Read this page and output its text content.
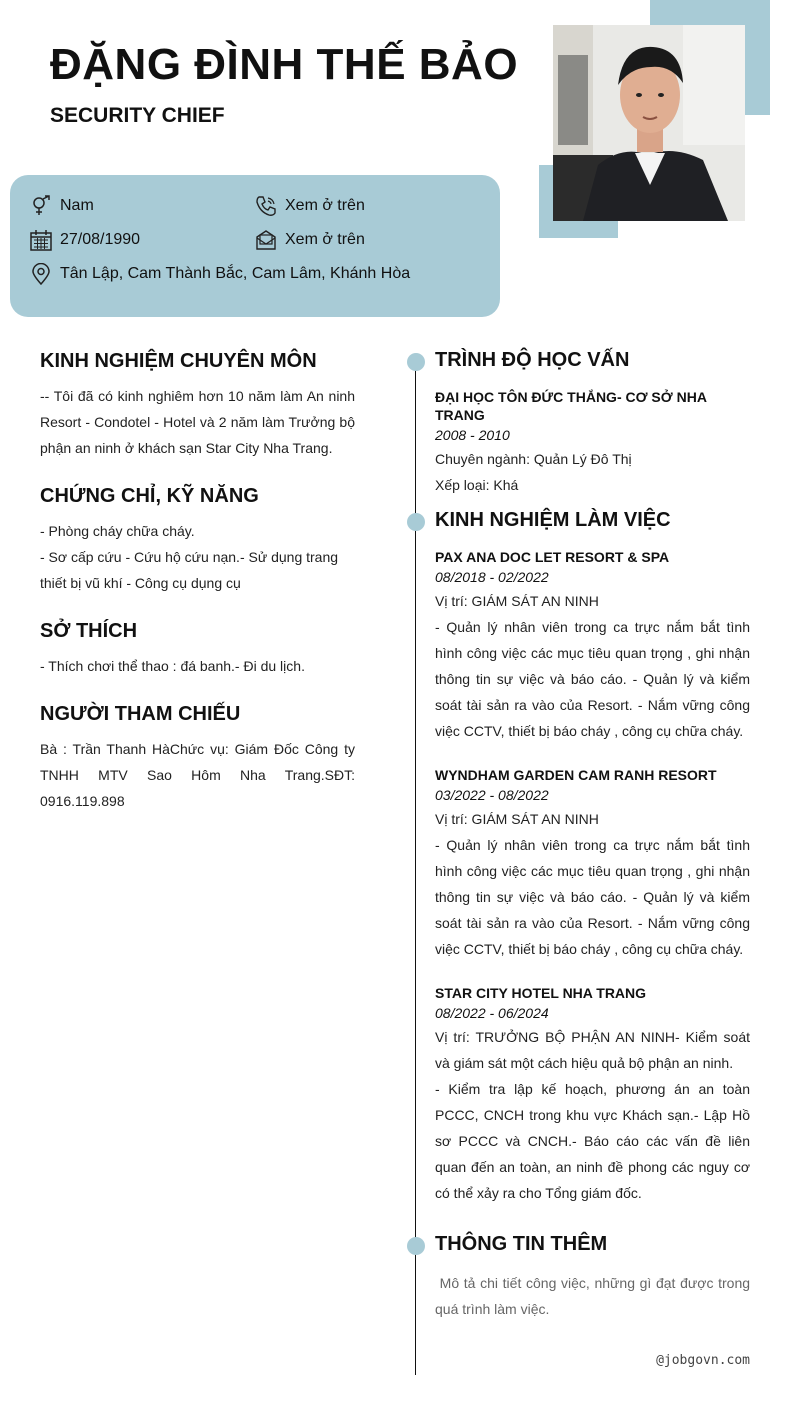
ĐẶNG ĐÌNH THẾ BẢO
SECURITY CHIEF
Nam	Xem ở trên
27/08/1990	Xem ở trên
Tân Lập, Cam Thành Bắc, Cam Lâm, Khánh Hòa
KINH NGHIỆM CHUYÊN MÔN
-- Tôi đã có kinh nghiêm hơn 10 năm làm An ninh Resort - Condotel - Hotel và 2 năm làm Trưởng bộ phận an ninh ở khách sạn Star City Nha Trang.
CHỨNG CHỈ, KỸ NĂNG
- Phòng cháy chữa cháy.
- Sơ cấp cứu - Cứu hộ cứu nạn.- Sử dụng trang thiết bị vũ khí - Công cụ dụng cụ
SỞ THÍCH
- Thích chơi thể thao : đá banh.- Đi du lịch.
NGƯỜI THAM CHIẾU
Bà : Trần Thanh HàChức vụ: Giám Đốc Công ty TNHH MTV Sao Hôm Nha Trang.SĐT: 0916.119.898
TRÌNH ĐỘ HỌC VẤN
ĐẠI HỌC TÔN ĐỨC THẮNG- CƠ SỞ NHA TRANG
2008 - 2010
Chuyên ngành: Quản Lý Đô Thị
Xếp loại: Khá
KINH NGHIỆM LÀM VIỆC
PAX ANA DOC LET RESORT & SPA
08/2018 - 02/2022
Vị trí: GIÁM SÁT AN NINH
- Quản lý nhân viên trong ca trực nắm bắt tình hình công việc các mục tiêu quan trọng , ghi nhận thông tin sự việc và báo cáo. - Quản lý và kiểm soát tài sản ra vào của Resort. - Nắm vững công việc CCTV, thiết bị báo cháy , công cụ chữa cháy.
WYNDHAM GARDEN CAM RANH RESORT
03/2022 - 08/2022
Vị trí: GIÁM SÁT AN NINH
- Quản lý nhân viên trong ca trực nắm bắt tình hình công việc các mục tiêu quan trọng , ghi nhận thông tin sự việc và báo cáo. - Quản lý và kiểm soát tài sản ra vào của Resort. - Nắm vững công việc CCTV, thiết bị báo cháy , công cụ chữa cháy.
STAR CITY HOTEL NHA TRANG
08/2022 - 06/2024
Vị trí: TRƯỞNG BỘ PHẬN AN NINH- Kiểm soát và giám sát một cách hiệu quả bộ phận an ninh.
- Kiểm tra lập kế hoạch, phương án an toàn PCCC, CNCH trong khu vực Khách sạn.- Lập Hồ sơ PCCC và CNCH.- Báo cáo các vấn đề liên quan đến an toàn, an ninh đề phong các nguy cơ có thể xảy ra cho Tổng giám đốc.
THÔNG TIN THÊM
Mô tả chi tiết công việc, những gì đạt được trong quá trình làm việc.
@jobgovn.com
